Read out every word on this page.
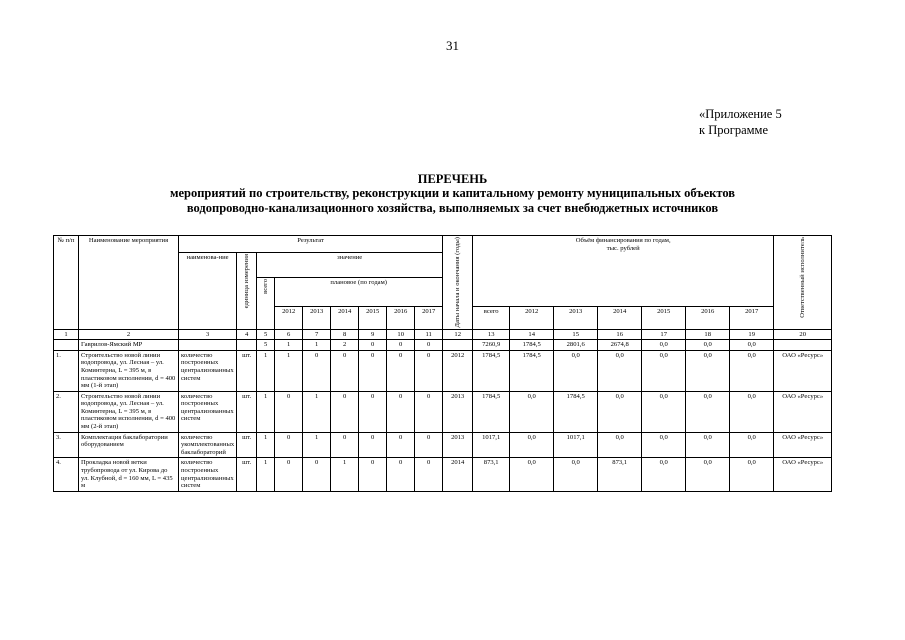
31
«Приложение 5
к Программе
ПЕРЕЧЕНЬ
мероприятий по строительству, реконструкции и капитальному ремонту муниципальных объектов
водопроводно-канализационного хозяйства, выполняемых за счет внебюджетных источников
№ п/п	Наименование мероприятия	Результат									Даты начала и окончания (годы)	Объём финансирования по годам,
тыс. рублей							Ответственный исполнитель

		наименова-ние	единица измерения	значение															

				всего	плановое (по годам)														
					2012	2013	2014	2015	2016	2017		всего	2012	2013	2014	2015	2016	2017	
1	2	3	4	5	6	7	8	9	10	11	12	13	14	15	16	17	18	19	20
	Гаврилов-Ямский МР			5	1	1	2	0	0	0		7260,9	1784,5	2801,6	2674,8	0,0	0,0	0,0	
1.	Строительство новой линии водопровода, ул. Лесная – ул. Коминтерна, L = 395 м, в пластиковом исполнении, d = 400 мм (1-й этап)	количество построенных централизованных систем	шт.	1	1	0	0	0	0	0	2012	1784,5	1784,5	0,0	0,0	0,0	0,0	0,0	ОАО «Ресурс»
2.	Строительство новой линии водопровода, ул. Лесная – ул. Коминтерна, L = 395 м, в пластиковом исполнении, d = 400 мм (2-й этап)	количество построенных централизованных систем	шт.	1	0	1	0	0	0	0	2013	1784,5	0,0	1784,5	0,0	0,0	0,0	0,0	ОАО «Ресурс»
3.	Комплектация баклаборатории оборудованием	количество укомплектованных баклабораторий	шт.	1	0	1	0	0	0	0	2013	1017,1	0,0	1017,1	0,0	0,0	0,0	0,0	ОАО «Ресурс»
4.	Прокладка новой ветки трубопровода от ул. Кирова до ул. Клубной, d = 160 мм, L = 435 м	количество построенных централизованных систем	шт.	1	0	0	1	0	0	0	2014	873,1	0,0	0,0	873,1	0,0	0,0	0,0	ОАО «Ресурс»
